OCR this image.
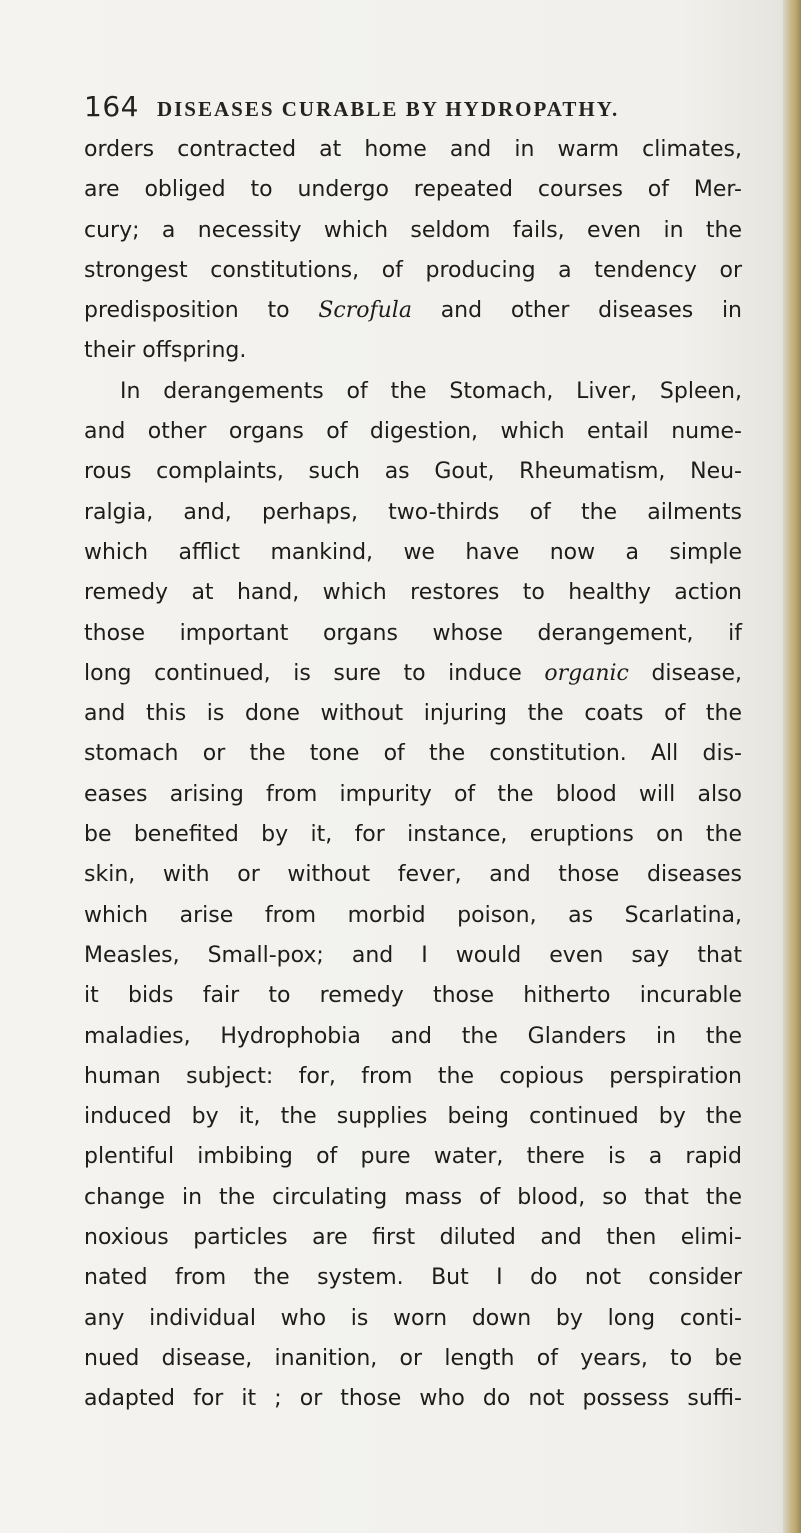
164 DISEASES CURABLE BY HYDROPATHY.
orders contracted at home and in warm climates,
are obliged to undergo repeated courses of Mer-
cury; a necessity which seldom fails, even in the
strongest constitutions, of producing a tendency or
predisposition to Scrofula and other diseases in
their offspring.
In derangements of the Stomach, Liver, Spleen,
and other organs of digestion, which entail nume-
rous complaints, such as Gout, Rheumatism, Neu-
ralgia, and, perhaps, two-thirds of the ailments
which afflict mankind, we have now a simple
remedy at hand, which restores to healthy action
those important organs whose derangement, if
long continued, is sure to induce organic disease,
and this is done without injuring the coats of the
stomach or the tone of the constitution. All dis-
eases arising from impurity of the blood will also
be benefited by it, for instance, eruptions on the
skin, with or without fever, and those diseases
which arise from morbid poison, as Scarlatina,
Measles, Small-pox; and I would even say that
it bids fair to remedy those hitherto incurable
maladies, Hydrophobia and the Glanders in the
human subject: for, from the copious perspiration
induced by it, the supplies being continued by the
plentiful imbibing of pure water, there is a rapid
change in the circulating mass of blood, so that the
noxious particles are first diluted and then elimi-
nated from the system. But I do not consider
any individual who is worn down by long conti-
nued disease, inanition, or length of years, to be
adapted for it ; or those who do not possess suffi-
